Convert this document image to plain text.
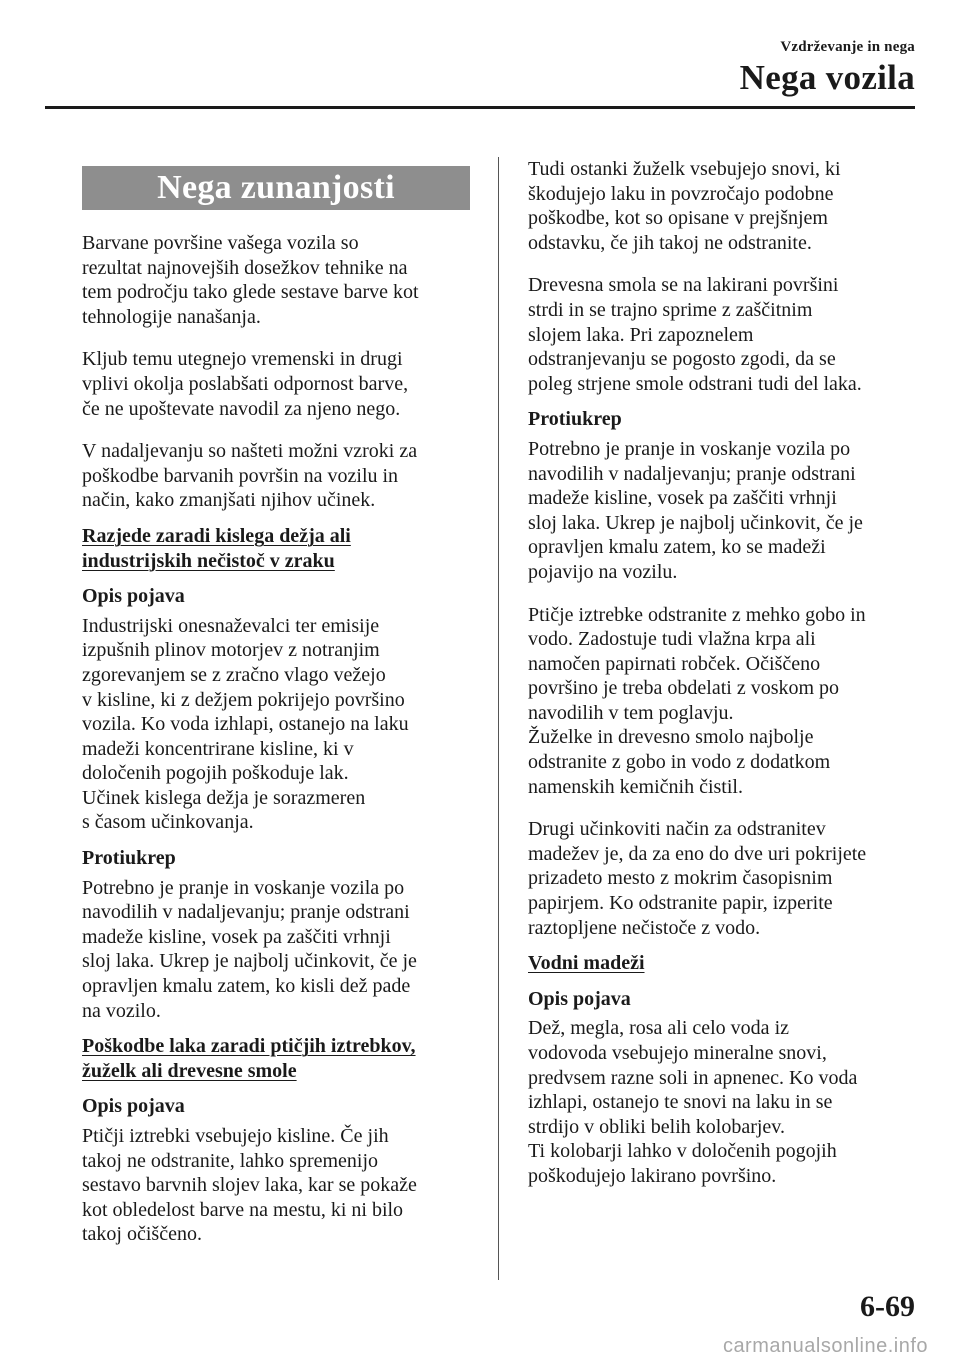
Vzdrževanje in nega
Nega vozila
Nega zunanjosti

Barvane površine vašega vozila so
rezultat najnovejših dosežkov tehnike na
tem področju tako glede sestave barve kot
tehnologije nanašanja.

Kljub temu utegnejo vremenski in drugi
vplivi okolja poslabšati odpornost barve,
če ne upoštevate navodil za njeno nego.

V nadaljevanju so našteti možni vzroki za
poškodbe barvanih površin na vozilu in
način, kako zmanjšati njihov učinek.

Razjede zaradi kislega dežja ali
industrijskih nečistoč v zraku
Opis pojava

Industrijski onesnaževalci ter emisije
izpušnih plinov motorjev z notranjim
zgorevanjem se z zračno vlago vežejo
v kisline, ki z dežjem pokrijejo površino
vozila. Ko voda izhlapi, ostanejo na laku
madeži koncentrirane kisline, ki v
določenih pogojih poškoduje lak.
Učinek kislega dežja je sorazmeren
s časom učinkovanja.

Protiukrep

Potrebno je pranje in voskanje vozila po
navodilih v nadaljevanju; pranje odstrani
madeže kisline, vosek pa zaščiti vrhnji
sloj laka. Ukrep je najbolj učinkovit, če je
opravljen kmalu zatem, ko kisli dež pade
na vozilo.

Poškodbe laka zaradi ptičjih iztrebkov,
žuželk ali drevesne smole
Opis pojava

Ptičji iztrebki vsebujejo kisline. Če jih
takoj ne odstranite, lahko spremenijo
sestavo barvnih slojev laka, kar se pokaže
kot obledelost barve na mestu, ki ni bilo
takoj očiščeno.

Tudi ostanki žuželk vsebujejo snovi, ki
škodujejo laku in povzročajo podobne
poškodbe, kot so opisane v prejšnjem
odstavku, če jih takoj ne odstranite.

Drevesna smola se na lakirani površini
strdi in se trajno sprime z zaščitnim
slojem laka. Pri zapoznelem
odstranjevanju se pogosto zgodi, da se
poleg strjene smole odstrani tudi del laka.

Protiukrep

Potrebno je pranje in voskanje vozila po
navodilih v nadaljevanju; pranje odstrani
madeže kisline, vosek pa zaščiti vrhnji
sloj laka. Ukrep je najbolj učinkovit, če je
opravljen kmalu zatem, ko se madeži
pojavijo na vozilu.

Ptičje iztrebke odstranite z mehko gobo in
vodo. Zadostuje tudi vlažna krpa ali
namočen papirnati robček. Očiščeno
površino je treba obdelati z voskom po
navodilih v tem poglavju.
Žuželke in drevesno smolo najbolje
odstranite z gobo in vodo z dodatkom
namenskih kemičnih čistil.

Drugi učinkoviti način za odstranitev
madežev je, da za eno do dve uri pokrijete
prizadeto mesto z mokrim časopisnim
papirjem. Ko odstranite papir, izperite
raztopljene nečistoče z vodo.

Vodni madeži
Opis pojava

Dež, megla, rosa ali celo voda iz
vodovoda vsebujejo mineralne snovi,
predvsem razne soli in apnenec. Ko voda
izhlapi, ostanejo te snovi na laku in se
strdijo v obliki belih kolobarjev.
Ti kolobarji lahko v določenih pogojih
poškodujejo lakirano površino.

6-69
carmanualsonline.info
